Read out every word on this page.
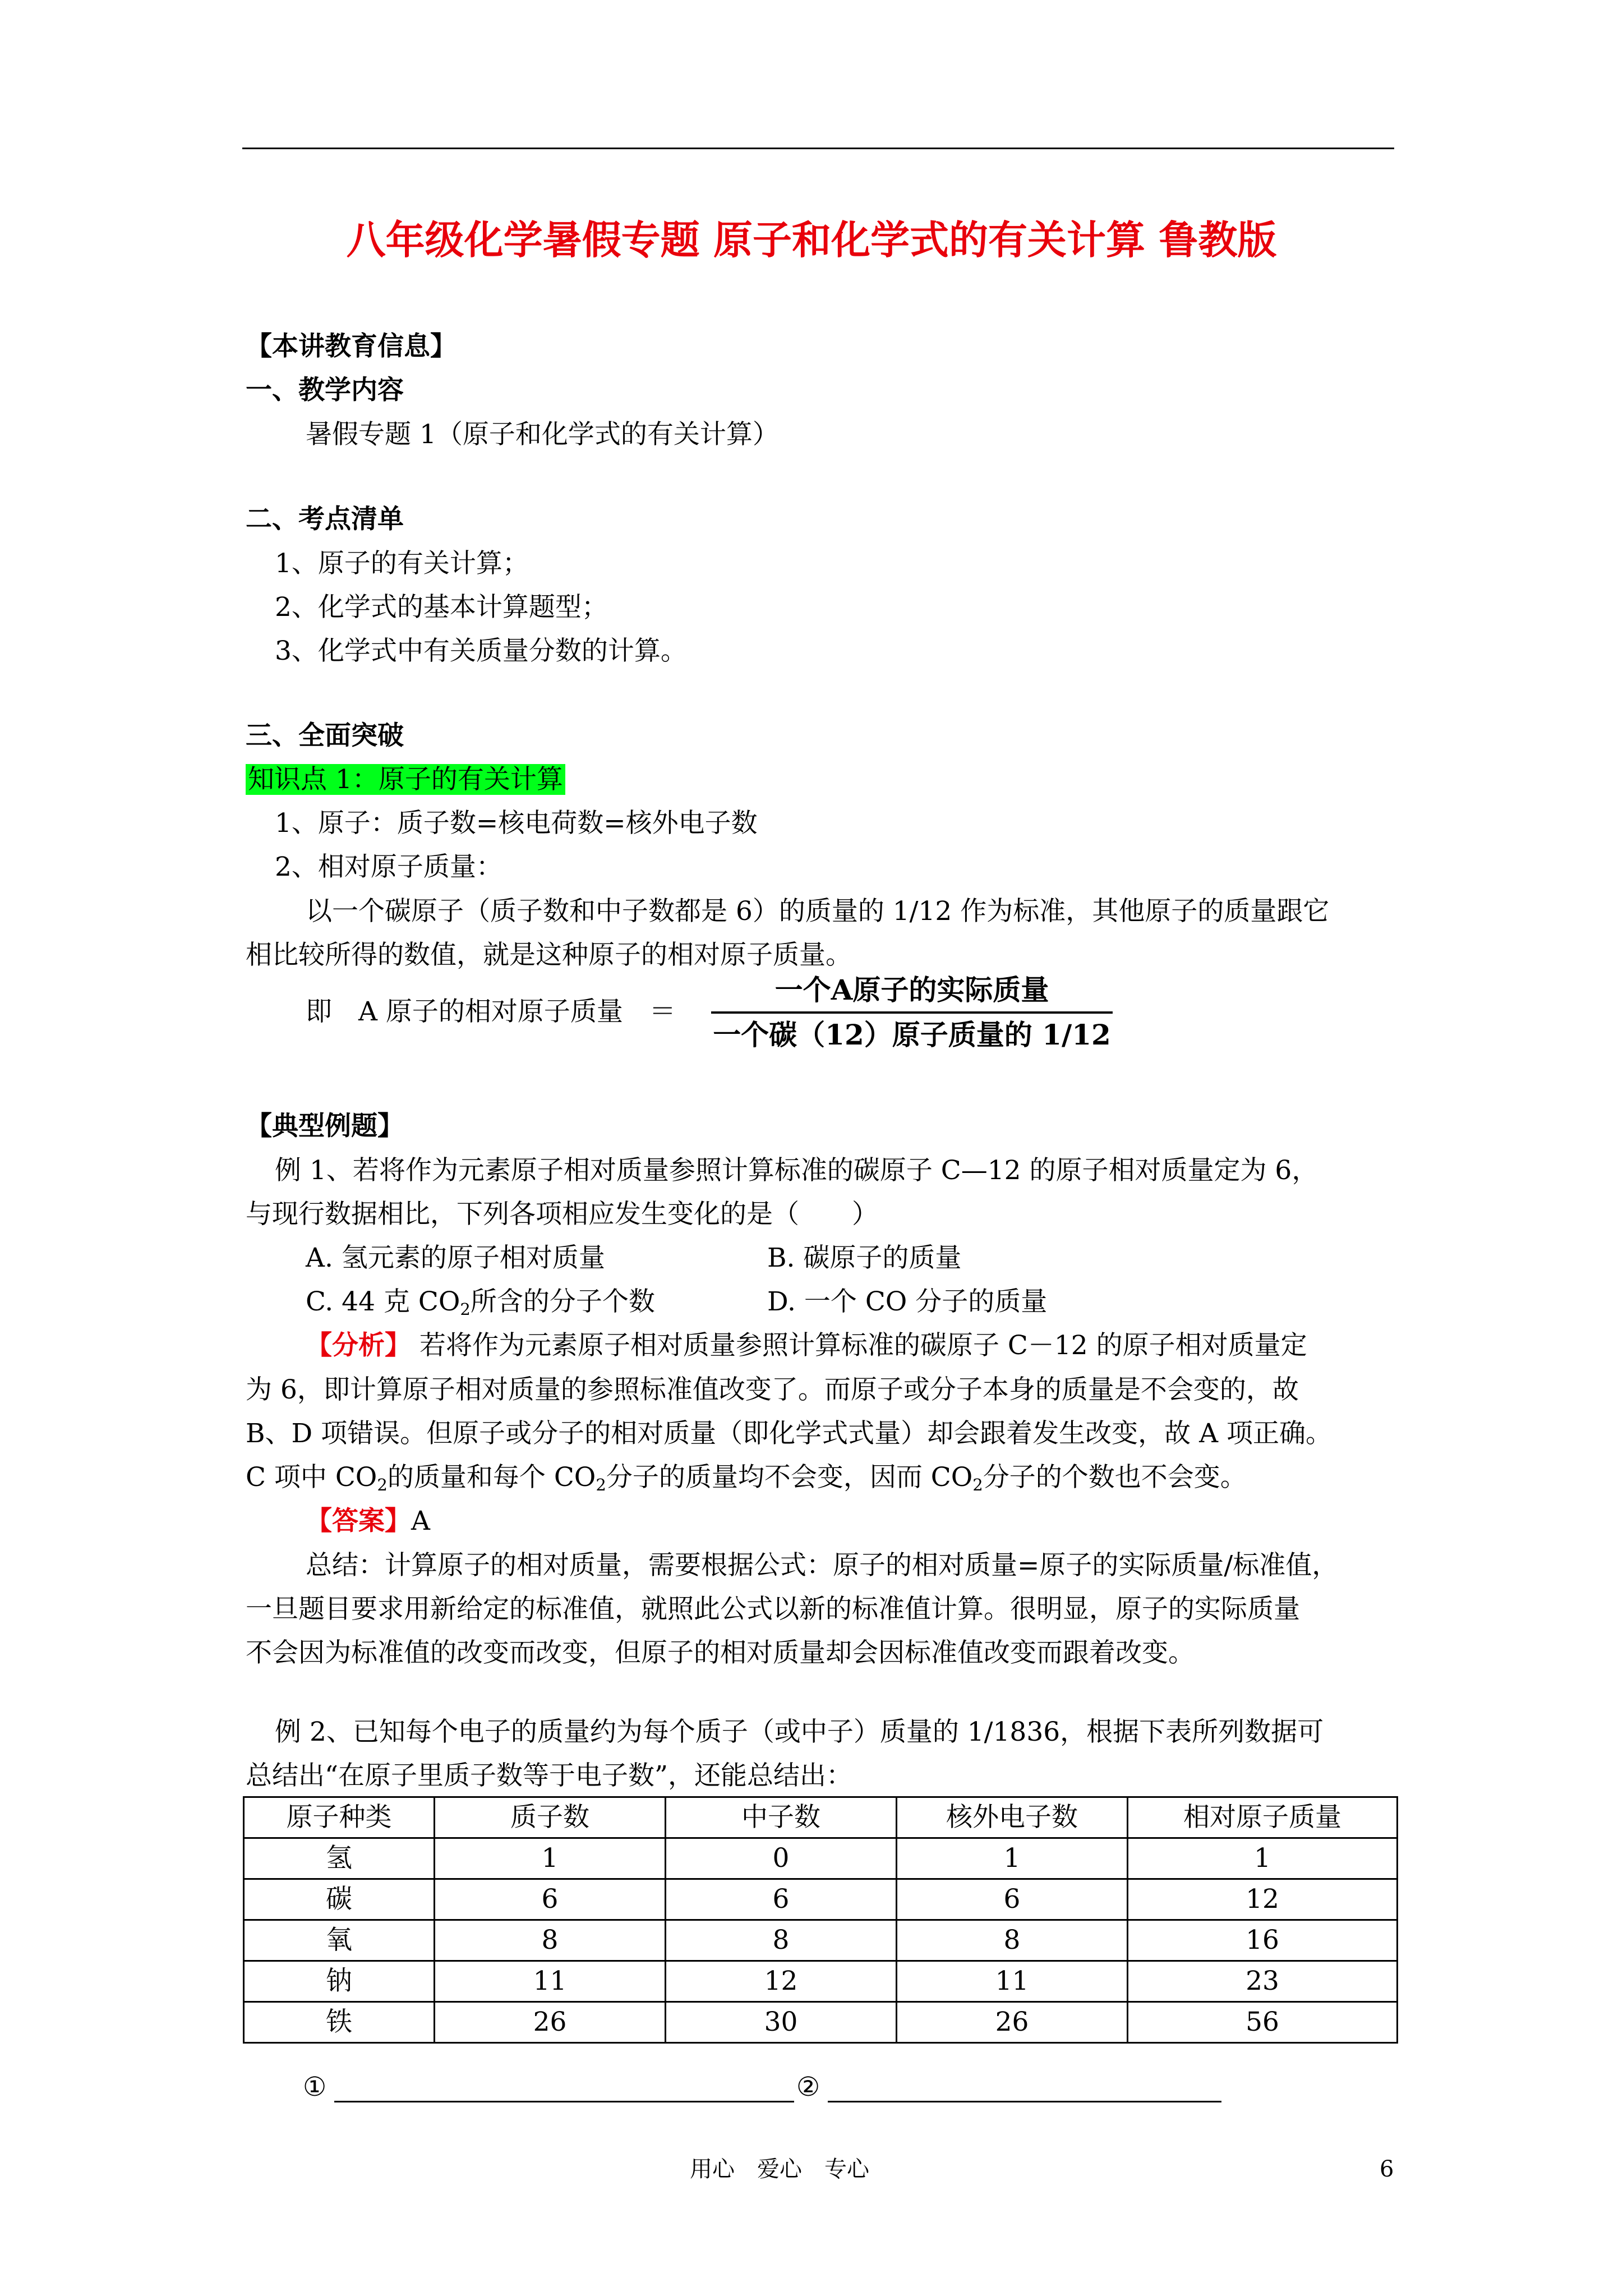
八年级化学暑假专题 原子和化学式的有关计算 鲁教版
【本讲教育信息】
一、教学内容
暑假专题 1（原子和化学式的有关计算）
二、考点清单
1、原子的有关计算；
2、化学式的基本计算题型；
3、化学式中有关质量分数的计算。
三、全面突破
知识点 1：原子的有关计算
1、原子：质子数=核电荷数=核外电子数
2、相对原子质量：
以一个碳原子（质子数和中子数都是 6）的质量的 1/12 作为标准，其他原子的质量跟它
相比较所得的数值，就是这种原子的相对原子质量。
即　A 原子的相对原子质量　＝
一个A原子的实际质量
一个碳（12）原子质量的 1/12
【典型例题】
例 1、若将作为元素原子相对质量参照计算标准的碳原子 C—12 的原子相对质量定为 6，
与现行数据相比，下列各项相应发生变化的是（　　）
A. 氢元素的原子相对质量	B. 碳原子的质量
C. 44 克 $CO_2$所含的分子个数	D. 一个 CO 分子的质量
【分析】 若将作为元素原子相对质量参照计算标准的碳原子 C－12 的原子相对质量定
为 6，即计算原子相对质量的参照标准值改变了。而原子或分子本身的质量是不会变的，故
B、D 项错误。但原子或分子的相对质量（即化学式式量）却会跟着发生改变，故 A 项正确。
C 项中 $CO_2$的质量和每个 $CO_2$分子的质量均不会变，因而 $CO_2$分子的个数也不会变。
【答案】A
总结：计算原子的相对质量，需要根据公式：原子的相对质量=原子的实际质量/标准值，
一旦题目要求用新给定的标准值，就照此公式以新的标准值计算。很明显，原子的实际质量
不会因为标准值的改变而改变，但原子的相对质量却会因标准值改变而跟着改变。
例 2、已知每个电子的质量约为每个质子（或中子）质量的 1/1836，根据下表所列数据可
总结出“在原子里质子数等于电子数”，还能总结出：
原子种类	质子数	中子数	核外电子数	相对原子质量
氢	1	0	1	1
碳	6	6	6	12
氧	8	8	8	16
钠	11	12	11	23
铁	26	30	26	56
①	②
用心　爱心　专心	6
